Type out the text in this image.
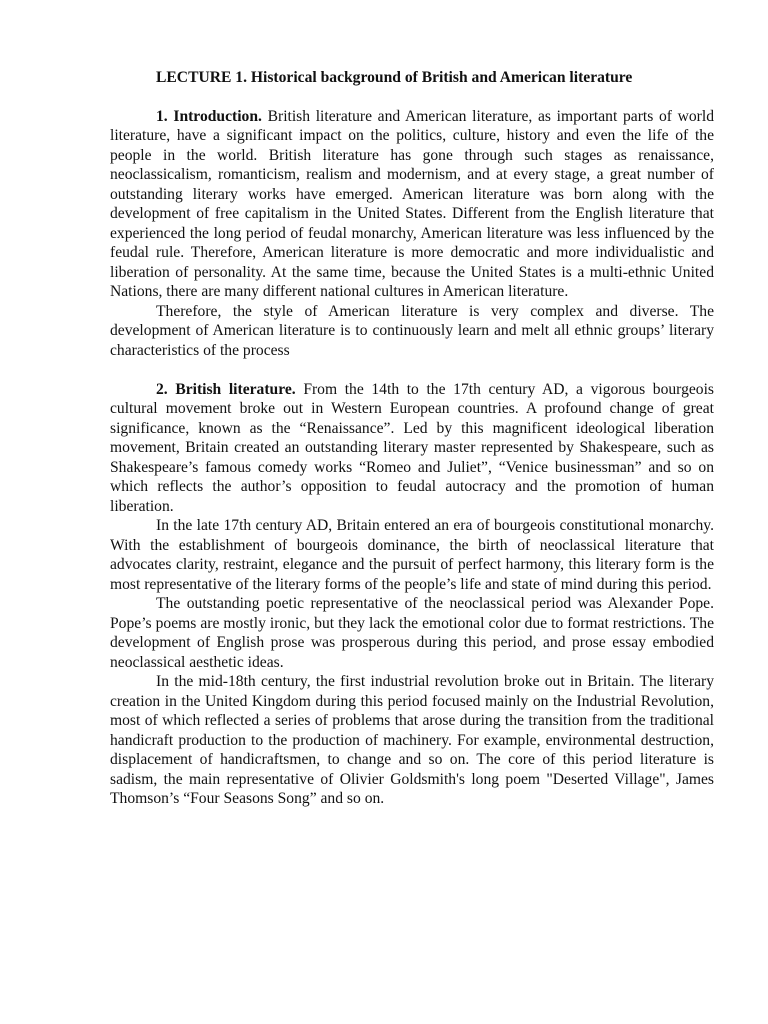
LECTURE 1. Historical background of British and American literature

1. Introduction. British literature and American literature, as important parts of world literature, have a significant impact on the politics, culture, history and even the life of the people in the world. British literature has gone through such stages as renaissance, neoclassicalism, romanticism, realism and modernism, and at every stage, a great number of outstanding literary works have emerged. American literature was born along with the development of free capitalism in the United States. Different from the English literature that experienced the long period of feudal monarchy, American literature was less influenced by the feudal rule. Therefore, American literature is more democratic and more individualistic and liberation of personality. At the same time, because the United States is a multi-ethnic United Nations, there are many different national cultures in American literature.

Therefore, the style of American literature is very complex and diverse. The development of American literature is to continuously learn and melt all ethnic groups’ literary characteristics of the process

2. British literature. From the 14th to the 17th century AD, a vigorous bourgeois cultural movement broke out in Western European countries. A profound change of great significance, known as the “Renaissance”. Led by this magnificent ideological liberation movement, Britain created an outstanding literary master represented by Shakespeare, such as Shakespeare’s famous comedy works “Romeo and Juliet”, “Venice businessman” and so on which reflects the author’s opposition to feudal autocracy and the promotion of human liberation.

In the late 17th century AD, Britain entered an era of bourgeois constitutional monarchy. With the establishment of bourgeois dominance, the birth of neoclassical literature that advocates clarity, restraint, elegance and the pursuit of perfect harmony, this literary form is the most representative of the literary forms of the people’s life and state of mind during this period.

The outstanding poetic representative of the neoclassical period was Alexander Pope. Pope’s poems are mostly ironic, but they lack the emotional color due to format restrictions. The development of English prose was prosperous during this period, and prose essay embodied neoclassical aesthetic ideas.

In the mid-18th century, the first industrial revolution broke out in Britain. The literary creation in the United Kingdom during this period focused mainly on the Industrial Revolution, most of which reflected a series of problems that arose during the transition from the traditional handicraft production to the production of machinery. For example, environmental destruction, displacement of handicraftsmen, to change and so on. The core of this period literature is sadism, the main representative of Olivier Goldsmith's long poem "Deserted Village", James Thomson’s “Four Seasons Song” and so on.
